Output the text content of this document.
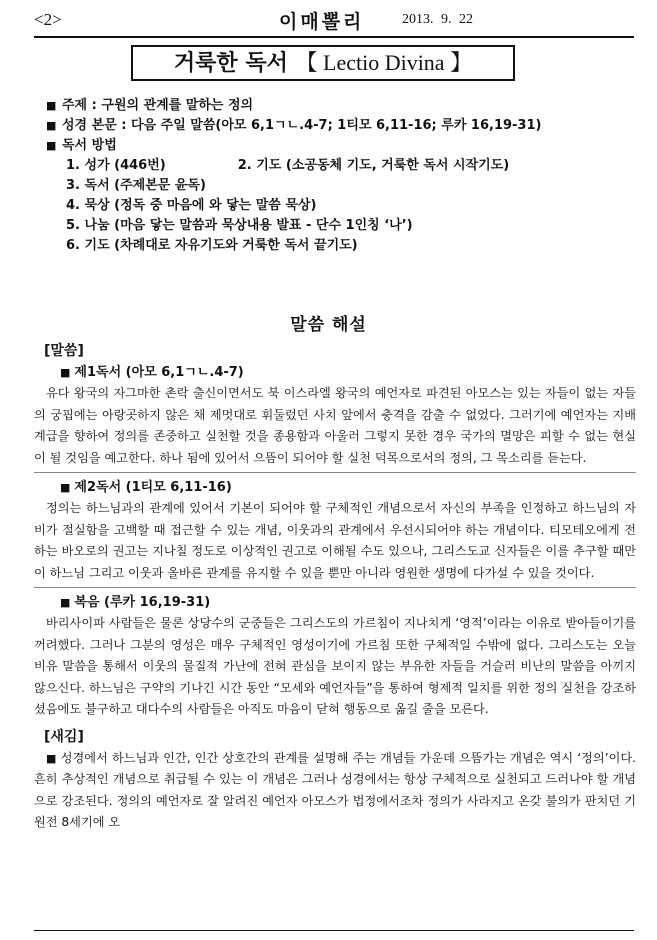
<2>	이매뽈리	2013. 9. 22
거룩한 독서 【 Lectio Divina 】
■ 주제 : 구원의 관계를 말하는 정의
■ 성경 본문 : 다음 주일 말씀(아모 6,1ㄱㄴ.4-7; 1티모 6,11-16; 루카 16,19-31)
■ 독서 방법
1. 성가 (446번)	2. 기도 (소공동체 기도, 거룩한 독서 시작기도)
3. 독서 (주제본문 윤독)
4. 묵상 (정독 중 마음에 와 닿는 말씀 묵상)
5. 나눔 (마음 닿는 말씀과 묵상내용 발표 - 단수 1인칭 ‘나’)
6. 기도 (차례대로 자유기도와 거룩한 독서 끝기도)
말씀 해설
[말씀]
■ 제1독서 (아모 6,1ㄱㄴ.4-7)

유다 왕국의 자그마한 촌락 출신이면서도 북 이스라엘 왕국의 예언자로 파견된 아모스는 있는 자들이 없는 자들의 궁핍에는 아랑곳하지 않은 채 제멋대로 휘둘렀던 사치 앞에서 충격을 감출 수 없었다. 그러기에 예언자는 지배계급을 향하여 정의를 존중하고 실천할 것을 종용함과 아울러 그렇지 못한 경우 국가의 멸망은 피할 수 없는 현실이 될 것임을 예고한다. 하나 됨에 있어서 으뜸이 되어야 할 실천 덕목으로서의 정의, 그 목소리를 듣는다.

■ 제2독서 (1티모 6,11-16)

정의는 하느님과의 관계에 있어서 기본이 되어야 할 구체적인 개념으로서 자신의 부족을 인정하고 하느님의 자비가 절실함을 고백할 때 접근할 수 있는 개념, 이웃과의 관계에서 우선시되어야 하는 개념이다. 티모테오에게 전하는 바오로의 권고는 지나칠 정도로 이상적인 권고로 이해될 수도 있으나, 그리스도교 신자들은 이를 추구할 때만이 하느님 그리고 이웃과 올바른 관계를 유지할 수 있을 뿐만 아니라 영원한 생명에 다가설 수 있을 것이다.

■ 복음 (루카 16,19-31)

바리사이파 사람들은 물론 상당수의 군중들은 그리스도의 가르침이 지나치게 ‘영적’이라는 이유로 받아들이기를 꺼려했다. 그러나 그분의 영성은 매우 구체적인 영성이기에 가르침 또한 구체적일 수밖에 없다. 그리스도는 오늘 비유 말씀을 통해서 이웃의 물질적 가난에 전혀 관심을 보이지 않는 부유한 자들을 거슬러 비난의 말씀을 아끼지 않으신다. 하느님은 구약의 기나긴 시간 동안 “모세와 예언자들”을 통하여 형제적 일치를 위한 정의 실천을 강조하셨음에도 불구하고 대다수의 사람들은 아직도 마음이 닫혀 행동으로 옮길 줄을 모른다.

[새김]

■ 성경에서 하느님과 인간, 인간 상호간의 관계를 설명해 주는 개념들 가운데 으뜸가는 개념은 역시 ‘정의’이다. 흔히 추상적인 개념으로 취급될 수 있는 이 개념은 그러나 성경에서는 항상 구체적으로 실천되고 드러나야 할 개념으로 강조된다. 정의의 예언자로 잘 알려진 예언자 아모스가 법정에서조차 정의가 사라지고 온갖 불의가 판치던 기원전 8세기에 오
